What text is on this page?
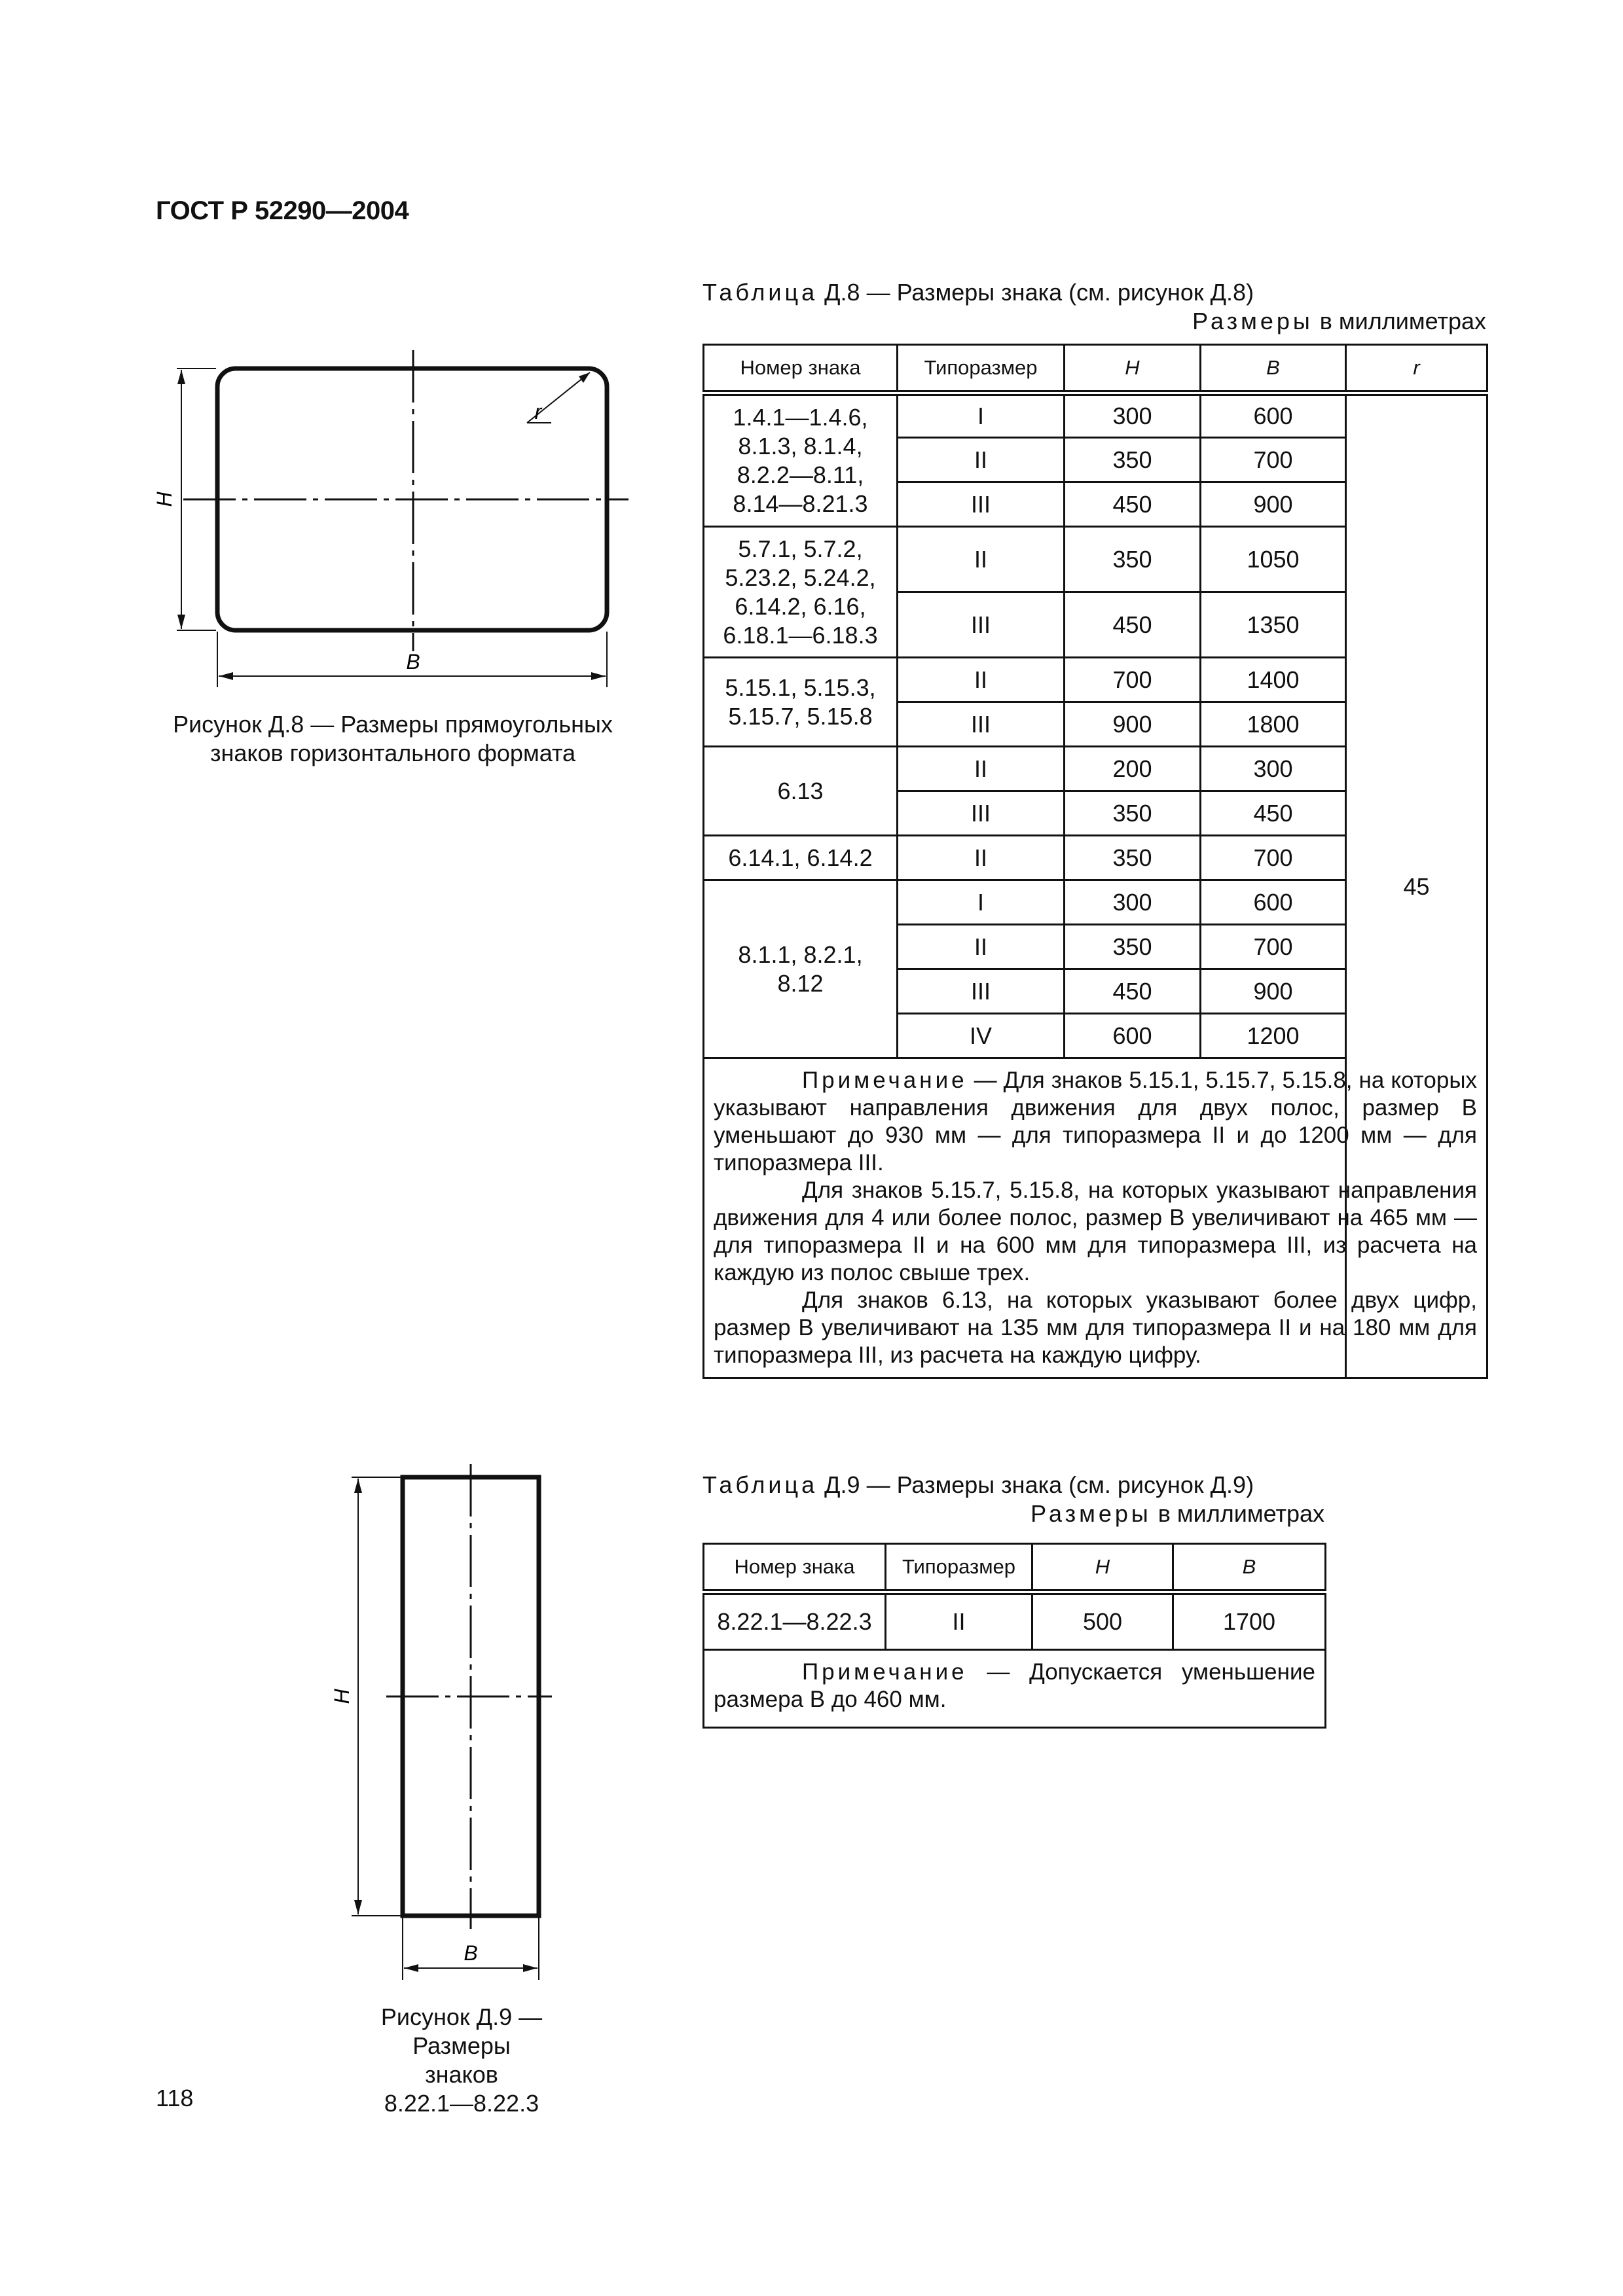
ГОСТ Р 52290—2004
H
B
r
Рисунок Д.8 — Размеры прямоугольных
знаков горизонтального формата
Таблица Д.8 — Размеры знака (см. рисунок Д.8)
Размеры в миллиметрах
Номер знака	Типоразмер	H	B	r

1.4.1—1.4.6,
8.1.3, 8.1.4,
8.2.2—8.11,
8.14—8.21.3	I	300	600	45
	II	350	700	
	III	450	900	

5.7.1, 5.7.2,
5.23.2, 5.24.2,
6.14.2, 6.16,
6.18.1—6.18.3	II	350	1050	
	III	450	1350	

5.15.1, 5.15.3,
5.15.7, 5.15.8	II	700	1400	
	III	900	1800	

6.13	II	200	300	
	III	350	450	

6.14.1, 6.14.2	II	350	700	

8.1.1, 8.2.1,
8.12	I	300	600	
	II	350	700	
	III	450	900	
	IV	600	1200	

Примечание — Для знаков 5.15.1, 5.15.7, 5.15.8, на которых указывают направления движения для двух полос, размер B уменьшают до 930 мм — для типоразмера II и до 1200 мм — для типоразмера III.

Для знаков 5.15.7, 5.15.8, на которых указывают направления движения для 4 или более полос, размер B увеличивают на 465 мм — для типоразмера II и на 600 мм для типоразмера III, из расчета на каждую из полос свыше трех.

Для знаков 6.13, на которых указывают более двух цифр, размер B увеличивают на 135 мм для типоразмера II и на 180 мм для типоразмера III, из расчета на каждую цифру.				

H
B
Рисунок Д.9 —
Размеры
знаков
8.22.1—8.22.3
Таблица Д.9 — Размеры знака (см. рисунок Д.9)
Размеры в миллиметрах
Номер знака	Типоразмер	H	B
8.22.1—8.22.3	II	500	1700

Примечание — Допускается уменьшение размера B до 460 мм.			

118
